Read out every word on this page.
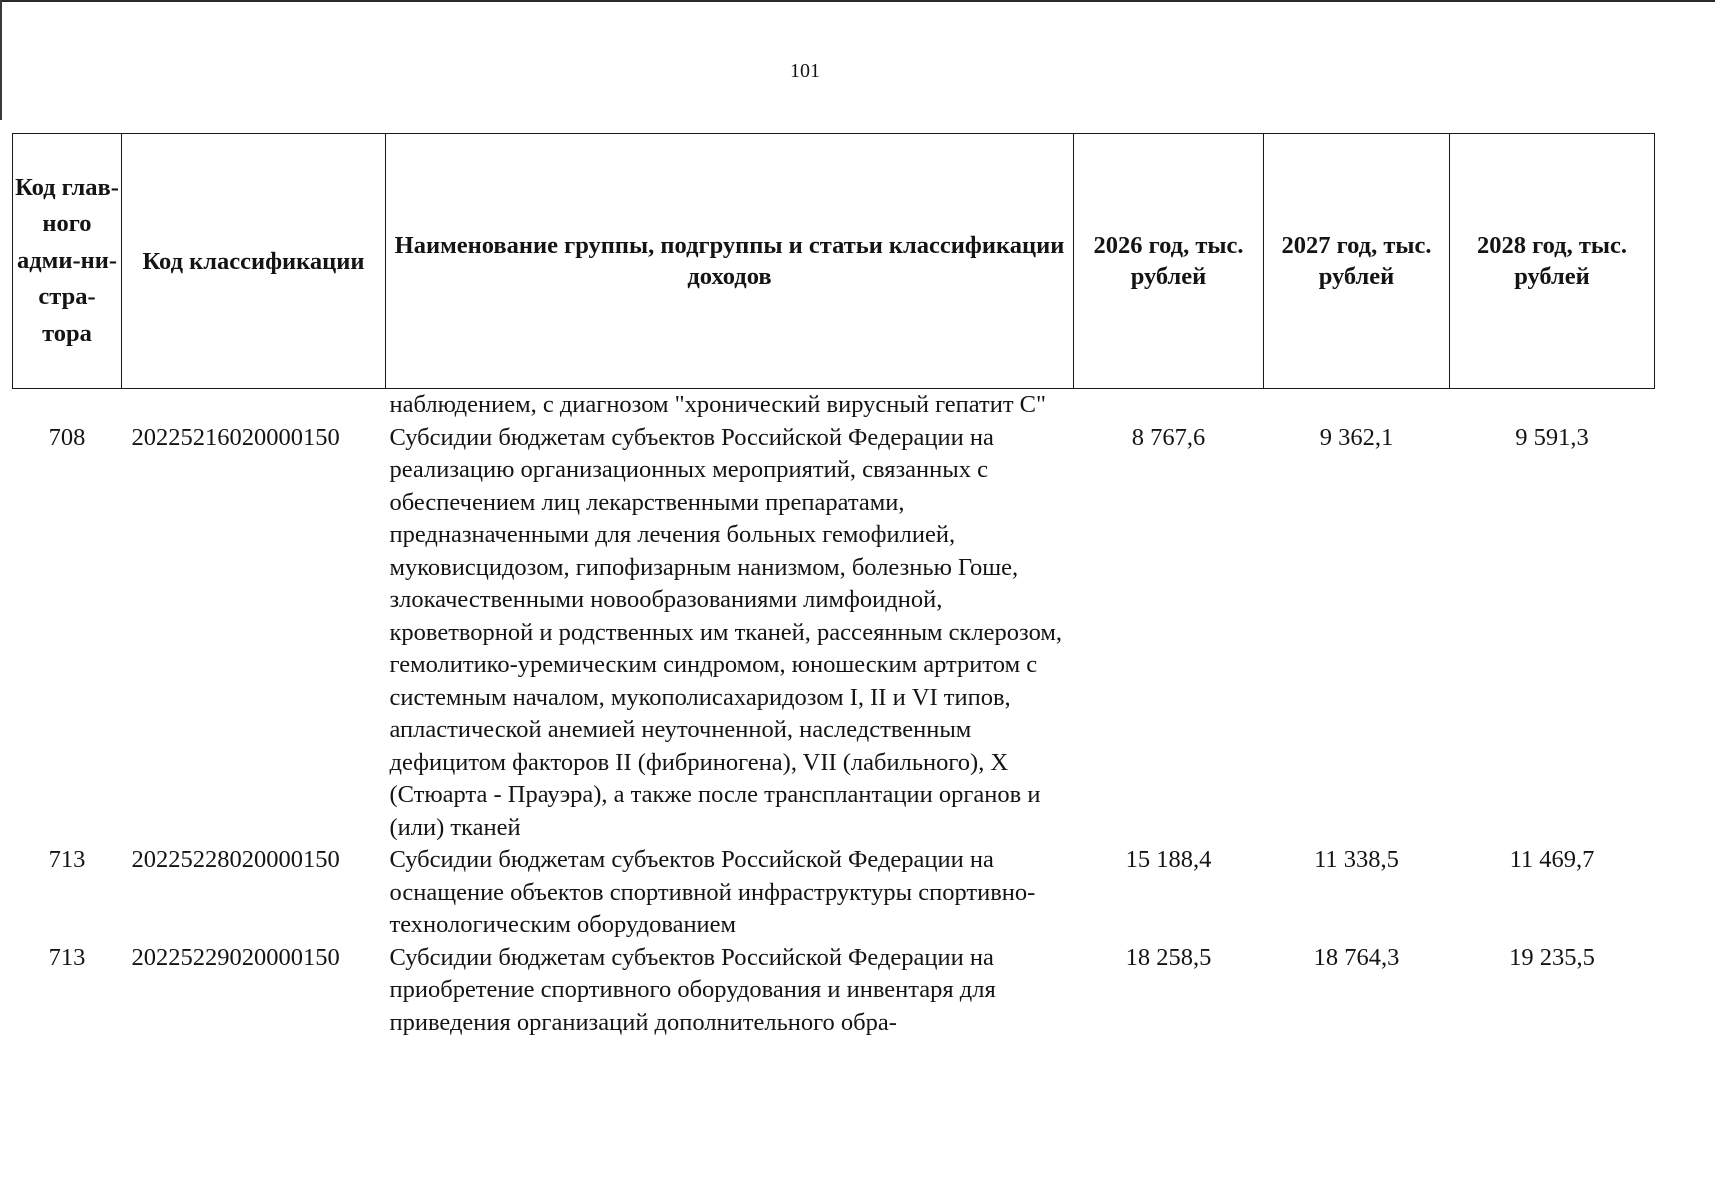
101
Код глав-ного адми-ни-стра-тора	Код классификации	Наименование группы, подгруппы и статьи классификации доходов	2026 год, тыс. рублей	2027 год, тыс. рублей	2028 год, тыс. рублей
		наблюдением, с диагнозом "хронический вирусный гепатит С"			
708	20225216020000150	Субсидии бюджетам субъектов Российской Федерации на реализацию организационных мероприятий, связанных с обеспечением лиц лекарственными препаратами, предназначенными для лечения больных гемофилией, муковисцидозом, гипофизарным нанизмом, болезнью Гоше, злокачественными новообразованиями лимфоидной, кроветворной и родственных им тканей, рассеянным склерозом, гемолитико-уремическим синдромом, юношеским артритом с системным началом, мукополисахаридозом I, II и VI типов, апластической анемией неуточненной, наследственным дефицитом факторов II (фибриногена), VII (лабильного), X (Стюарта - Прауэра), а также после трансплантации органов и (или) тканей	8 767,6	9 362,1	9 591,3
713	20225228020000150	Субсидии бюджетам субъектов Российской Федерации на оснащение объектов спортивной инфраструктуры спортивно-технологическим оборудованием	15 188,4	11 338,5	11 469,7
713	20225229020000150	Субсидии бюджетам субъектов Российской Федерации на приобретение спортивного оборудования и инвентаря для приведения организаций дополнительного обра-	18 258,5	18 764,3	19 235,5
